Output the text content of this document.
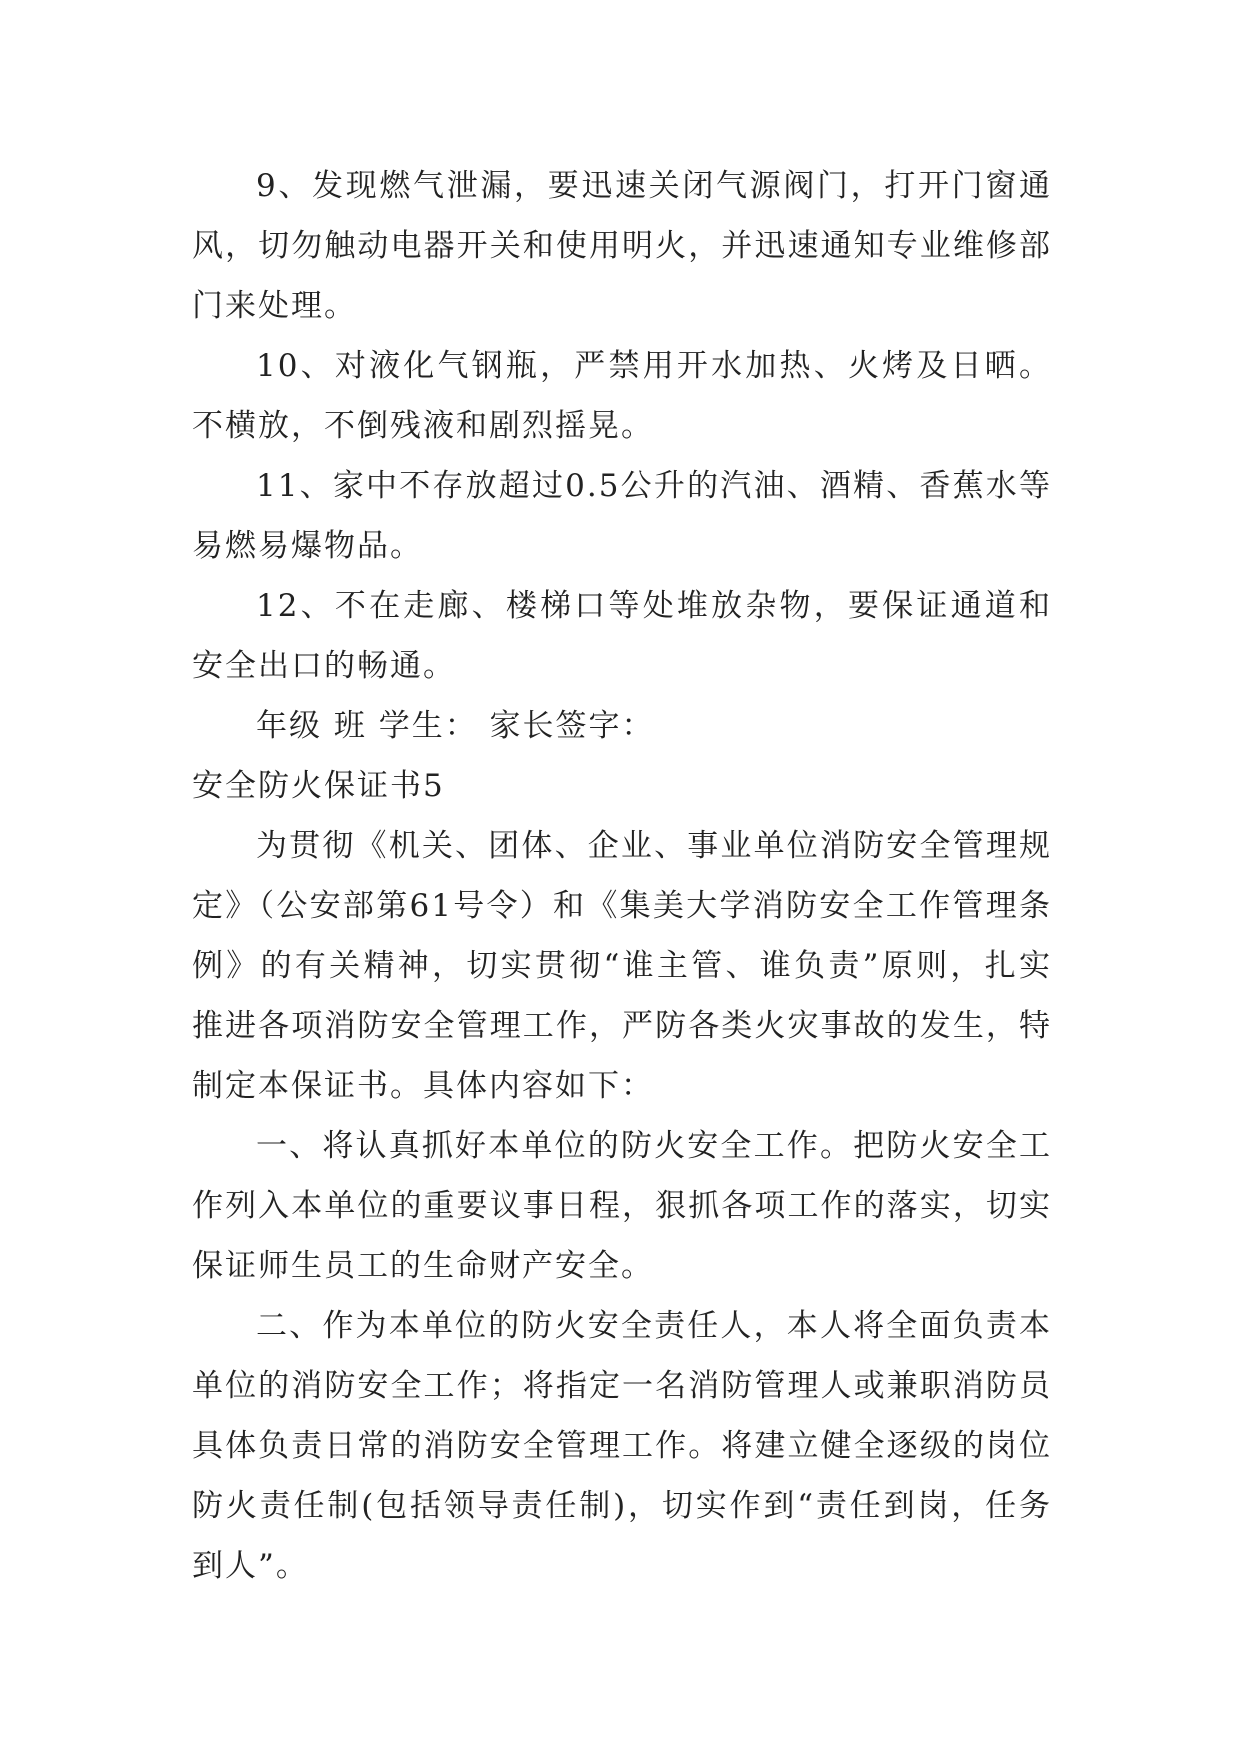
9、发现燃气泄漏，要迅速关闭气源阀门，打开门窗通风，切勿触动电器开关和使用明火，并迅速通知专业维修部门来处理。

10、对液化气钢瓶，严禁用开水加热、火烤及日晒。不横放，不倒残液和剧烈摇晃。

11、家中不存放超过0.5公升的汽油、酒精、香蕉水等易燃易爆物品。

12、不在走廊、楼梯口等处堆放杂物，要保证通道和安全出口的畅通。

年级 班 学生： 家长签字：

安全防火保证书5

为贯彻《机关、团体、企业、事业单位消防安全管理规定》（公安部第61号令）和《集美大学消防安全工作管理条例》的有关精神，切实贯彻“谁主管、谁负责”原则，扎实推进各项消防安全管理工作，严防各类火灾事故的发生，特制定本保证书。具体内容如下：

一、将认真抓好本单位的防火安全工作。把防火安全工作列入本单位的重要议事日程，狠抓各项工作的落实，切实保证师生员工的生命财产安全。

二、作为本单位的防火安全责任人，本人将全面负责本单位的消防安全工作；将指定一名消防管理人或兼职消防员具体负责日常的消防安全管理工作。将建立健全逐级的岗位防火责任制(包括领导责任制)，切实作到“责任到岗，任务到人”。
